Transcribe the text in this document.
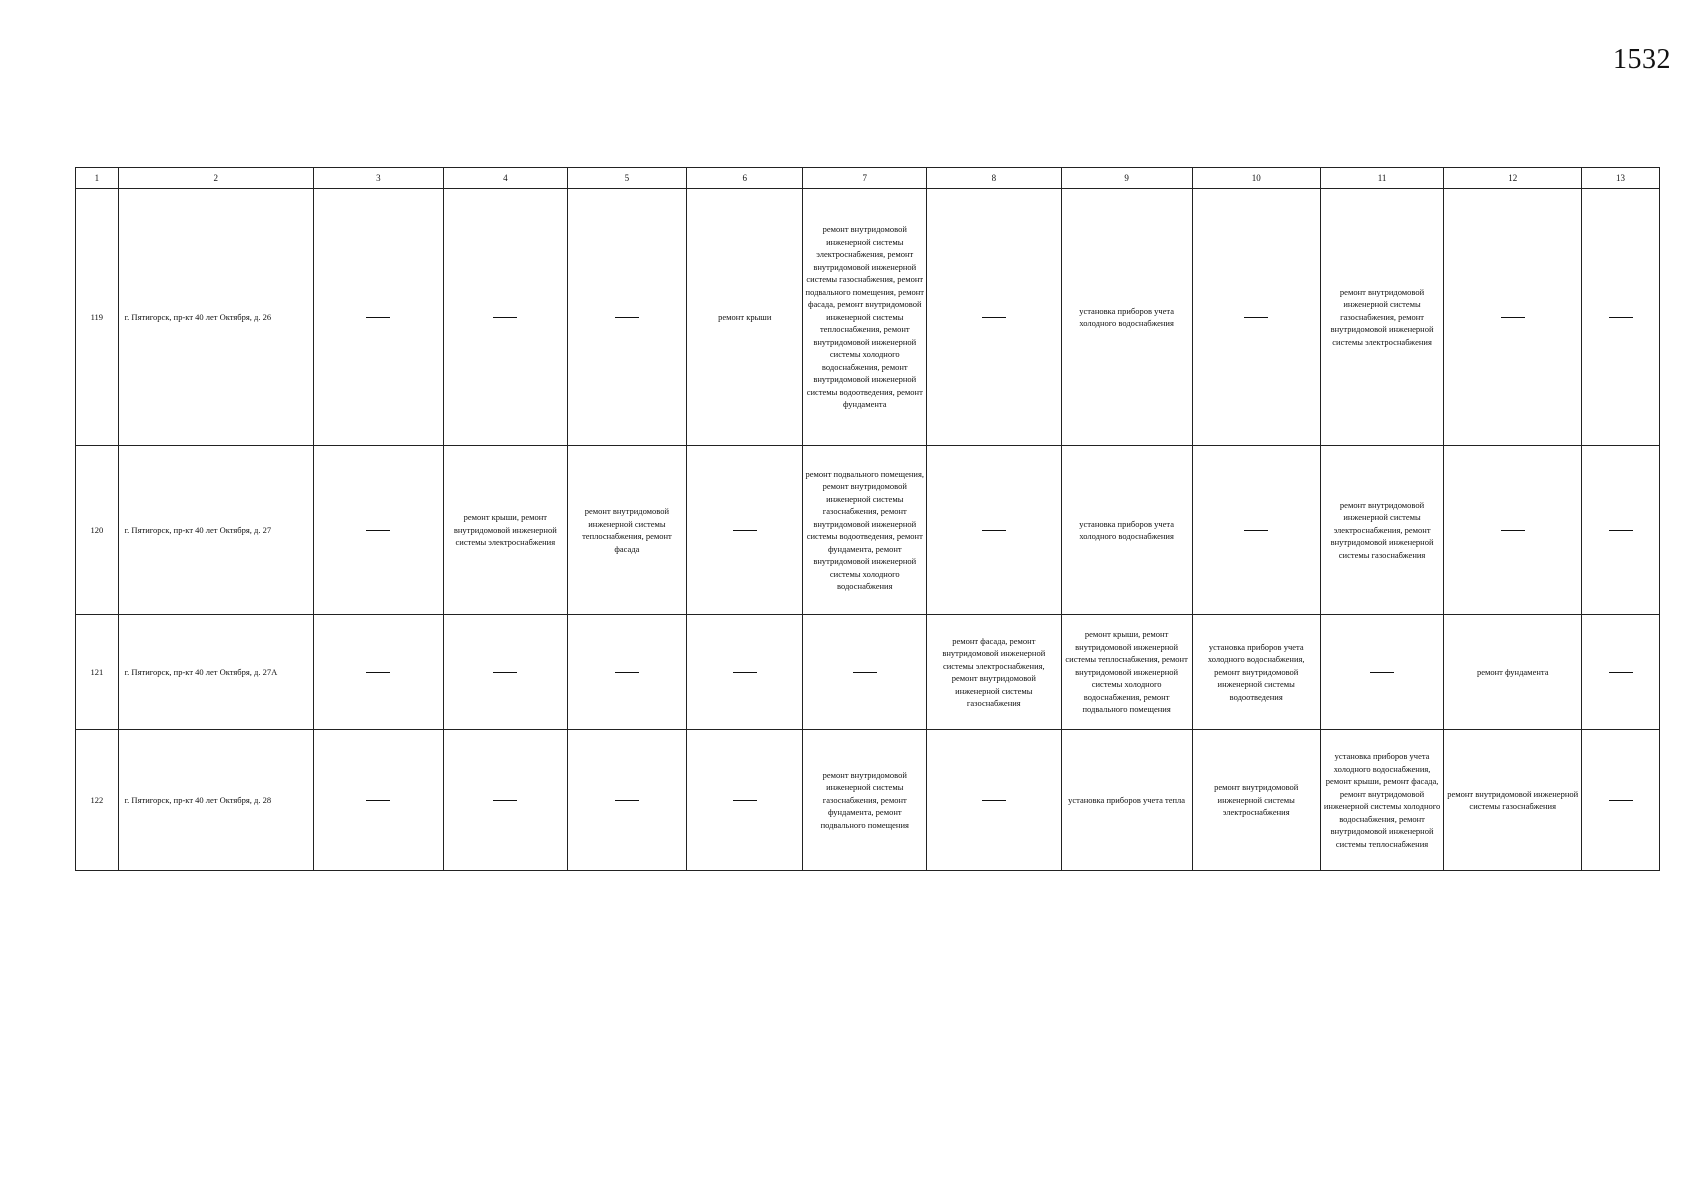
1532
1	2	3	4	5	6	7	8	9	10	11	12	13
119	г. Пятигорск, пр-кт 40 лет Октября, д. 26				ремонт крыши	ремонт внутридомовой инженерной системы электроснабжения, ремонт внутридомовой инженерной системы газоснабжения, ремонт подвального помещения, ремонт фасада, ремонт внутридомовой инженерной системы теплоснабжения, ремонт внутридомовой инженерной системы холодного водоснабжения, ремонт внутридомовой инженерной системы водоотведения, ремонт фундамента		установка приборов учета холодного водоснабжения		ремонт внутридомовой инженерной системы газоснабжения, ремонт внутридомовой инженерной системы электроснабжения		
120	г. Пятигорск, пр-кт 40 лет Октября, д. 27		ремонт крыши, ремонт внутридомовой инженерной системы электроснабжения	ремонт внутридомовой инженерной системы теплоснабжения, ремонт фасада		ремонт подвального помещения, ремонт внутридомовой инженерной системы газоснабжения, ремонт внутридомовой инженерной системы водоотведения, ремонт фундамента, ремонт внутридомовой инженерной системы холодного водоснабжения		установка приборов учета холодного водоснабжения		ремонт внутридомовой инженерной системы электроснабжения, ремонт внутридомовой инженерной системы газоснабжения		
121	г. Пятигорск, пр-кт 40 лет Октября, д. 27А						ремонт фасада, ремонт внутридомовой инженерной системы электроснабжения, ремонт внутридомовой инженерной системы газоснабжения	ремонт крыши, ремонт внутридомовой инженерной системы теплоснабжения, ремонт внутридомовой инженерной системы холодного водоснабжения, ремонт подвального помещения	установка приборов учета холодного водоснабжения, ремонт внутридомовой инженерной системы водоотведения		ремонт фундамента	
122	г. Пятигорск, пр-кт 40 лет Октября, д. 28					ремонт внутридомовой инженерной системы газоснабжения, ремонт фундамента, ремонт подвального помещения		установка приборов учета тепла	ремонт внутридомовой инженерной системы электроснабжения	установка приборов учета холодного водоснабжения, ремонт крыши, ремонт фасада, ремонт внутридомовой инженерной системы холодного водоснабжения, ремонт внутридомовой инженерной системы теплоснабжения	ремонт внутридомовой инженерной системы газоснабжения	
